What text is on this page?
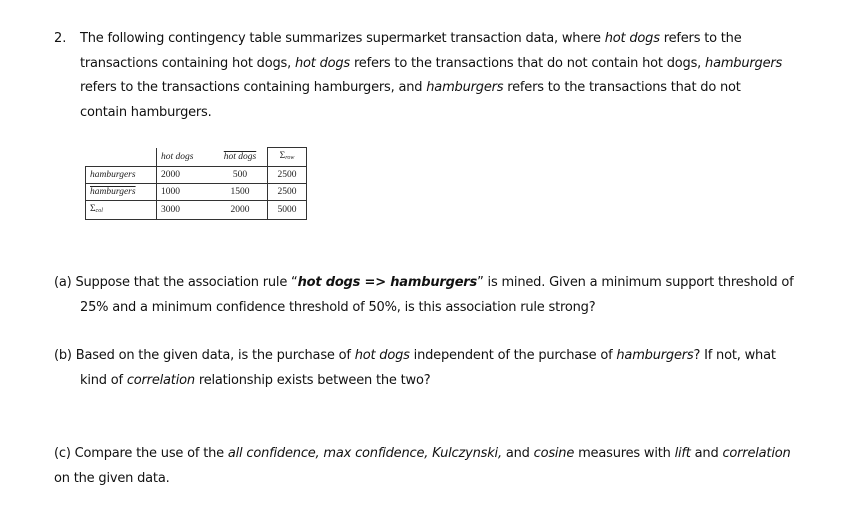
2. The following contingency table summarizes supermarket transaction data, where hot dogs refers to the
transactions containing hot dogs, hot dogs refers to the transactions that do not contain hot dogs, hamburgers
refers to the transactions containing hamburgers, and hamburgers refers to the transactions that do not
contain hamburgers.
	hot dogs	hot dogs	Σrow
hamburgers	2000	500	2500
hamburgers	1000	1500	2500
Σcol	3000	2000	5000
(a) Suppose that the association rule “hot dogs => hamburgers” is mined. Given a minimum support threshold of
25% and a minimum confidence threshold of 50%, is this association rule strong?
(b) Based on the given data, is the purchase of hot dogs independent of the purchase of hamburgers? If not, what
kind of correlation relationship exists between the two?
(c) Compare the use of the all confidence, max confidence, Kulczynski, and cosine measures with lift and correlation
on the given data.
